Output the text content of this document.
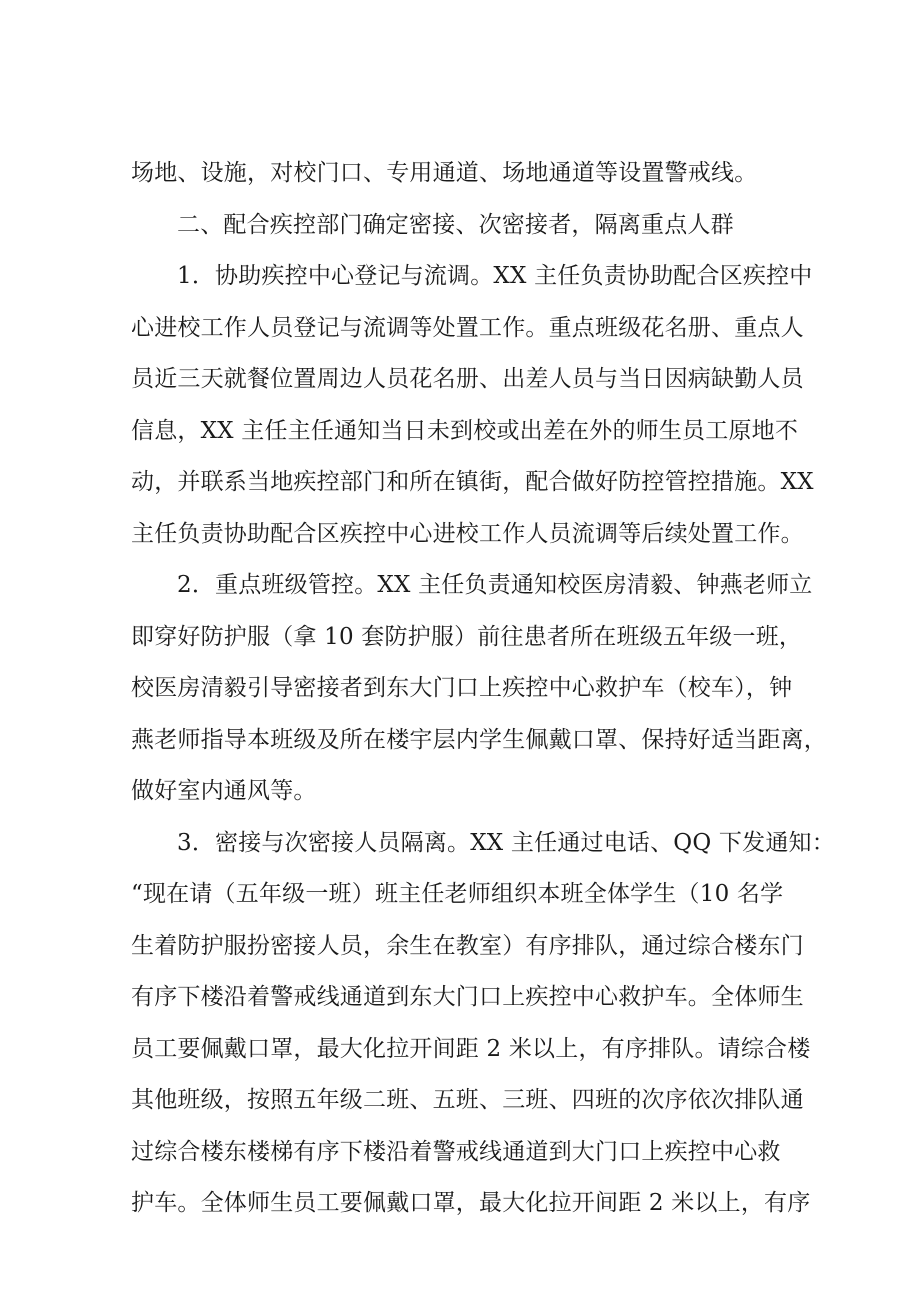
场地、设施，对校门口、专用通道、场地通道等设置警戒线。
二、配合疾控部门确定密接、次密接者，隔离重点人群
1．协助疾控中心登记与流调。XX 主任负责协助配合区疾控中
心进校工作人员登记与流调等处置工作。重点班级花名册、重点人
员近三天就餐位置周边人员花名册、出差人员与当日因病缺勤人员
信息，XX 主任主任通知当日未到校或出差在外的师生员工原地不
动，并联系当地疾控部门和所在镇街，配合做好防控管控措施。XX
主任负责协助配合区疾控中心进校工作人员流调等后续处置工作。
2．重点班级管控。XX 主任负责通知校医房清毅、钟燕老师立
即穿好防护服（拿 10 套防护服）前往患者所在班级五年级一班，
校医房清毅引导密接者到东大门口上疾控中心救护车（校车），钟
燕老师指导本班级及所在楼宇层内学生佩戴口罩、保持好适当距离，
做好室内通风等。
3．密接与次密接人员隔离。XX 主任通过电话、QQ 下发通知：
“现在请（五年级一班）班主任老师组织本班全体学生（10 名学
生着防护服扮密接人员，余生在教室）有序排队，通过综合楼东门
有序下楼沿着警戒线通道到东大门口上疾控中心救护车。全体师生
员工要佩戴口罩，最大化拉开间距 2 米以上，有序排队。请综合楼
其他班级，按照五年级二班、五班、三班、四班的次序依次排队通
过综合楼东楼梯有序下楼沿着警戒线通道到大门口上疾控中心救
护车。全体师生员工要佩戴口罩，最大化拉开间距 2 米以上，有序
